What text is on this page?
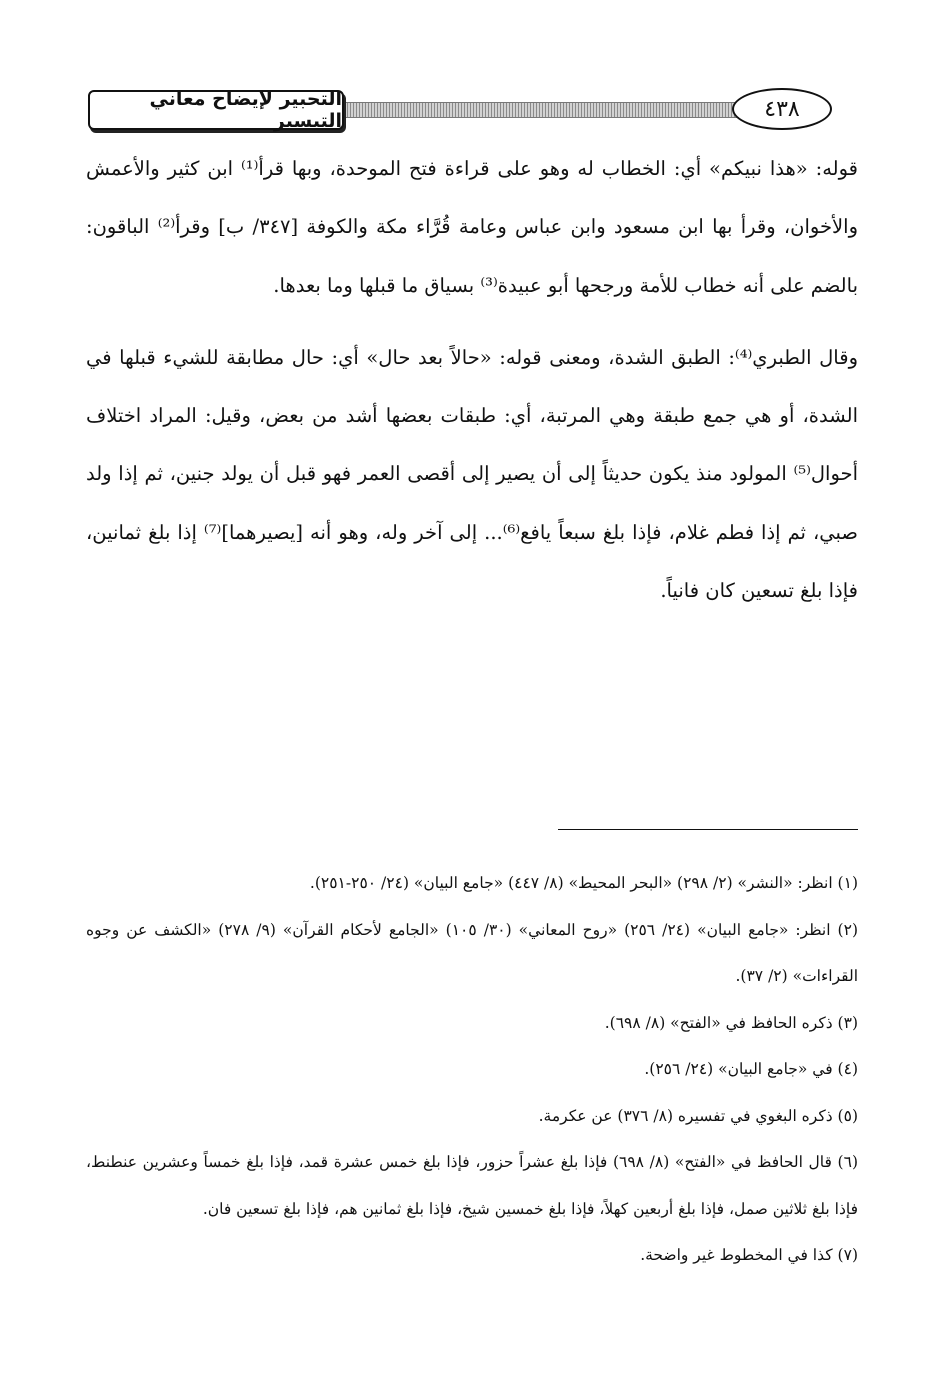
التحبير لإيضاح معاني التيسير	٤٣٨

قوله: «هذا نبيكم» أي: الخطاب له وهو على قراءة فتح الموحدة، وبها قرأ⁽¹⁾ ابن كثير والأعمش والأخوان، وقرأ بها ابن مسعود وابن عباس وعامة قُرَّاء مكة والكوفة [٣٤٧/ ب] وقرأ⁽²⁾ الباقون: بالضم على أنه خطاب للأمة ورجحها أبو عبيدة⁽³⁾ بسياق ما قبلها وما بعدها.

وقال الطبري⁽⁴⁾: الطبق الشدة، ومعنى قوله: «حالاً بعد حال» أي: حال مطابقة للشيء قبلها في الشدة، أو هي جمع طبقة وهي المرتبة، أي: طبقات بعضها أشد من بعض، وقيل: المراد اختلاف أحوال⁽⁵⁾ المولود منذ يكون حديثاً إلى أن يصير إلى أقصى العمر فهو قبل أن يولد جنين، ثم إذا ولد صبي، ثم إذا فطم غلام، فإذا بلغ سبعاً يافع⁽⁶⁾... إلى آخر وله، وهو أنه [يصيرهما]⁽⁷⁾ إذا بلغ ثمانين، فإذا بلغ تسعين كان فانياً.

(١) انظر: «النشر» (٢/ ٢٩٨) «البحر المحيط» (٨/ ٤٤٧) «جامع البيان» (٢٤/ ٢٥٠-٢٥١).

(٢) انظر: «جامع البيان» (٢٤/ ٢٥٦) «روح المعاني» (٣٠/ ١٠٥) «الجامع لأحكام القرآن» (٩/ ٢٧٨) «الكشف عن وجوه القراءات» (٢/ ٣٧).

(٣) ذكره الحافظ في «الفتح» (٨/ ٦٩٨).

(٤) في «جامع البيان» (٢٤/ ٢٥٦).

(٥) ذكره البغوي في تفسيره (٨/ ٣٧٦) عن عكرمة.

(٦) قال الحافظ في «الفتح» (٨/ ٦٩٨) فإذا بلغ عشراً حزور، فإذا بلغ خمس عشرة قمد، فإذا بلغ خمساً وعشرين عنطنط، فإذا بلغ ثلاثين صمل، فإذا بلغ أربعين كهلاً، فإذا بلغ خمسين شيخ، فإذا بلغ ثمانين هم، فإذا بلغ تسعين فان.

(٧) كذا في المخطوط غير واضحة.
